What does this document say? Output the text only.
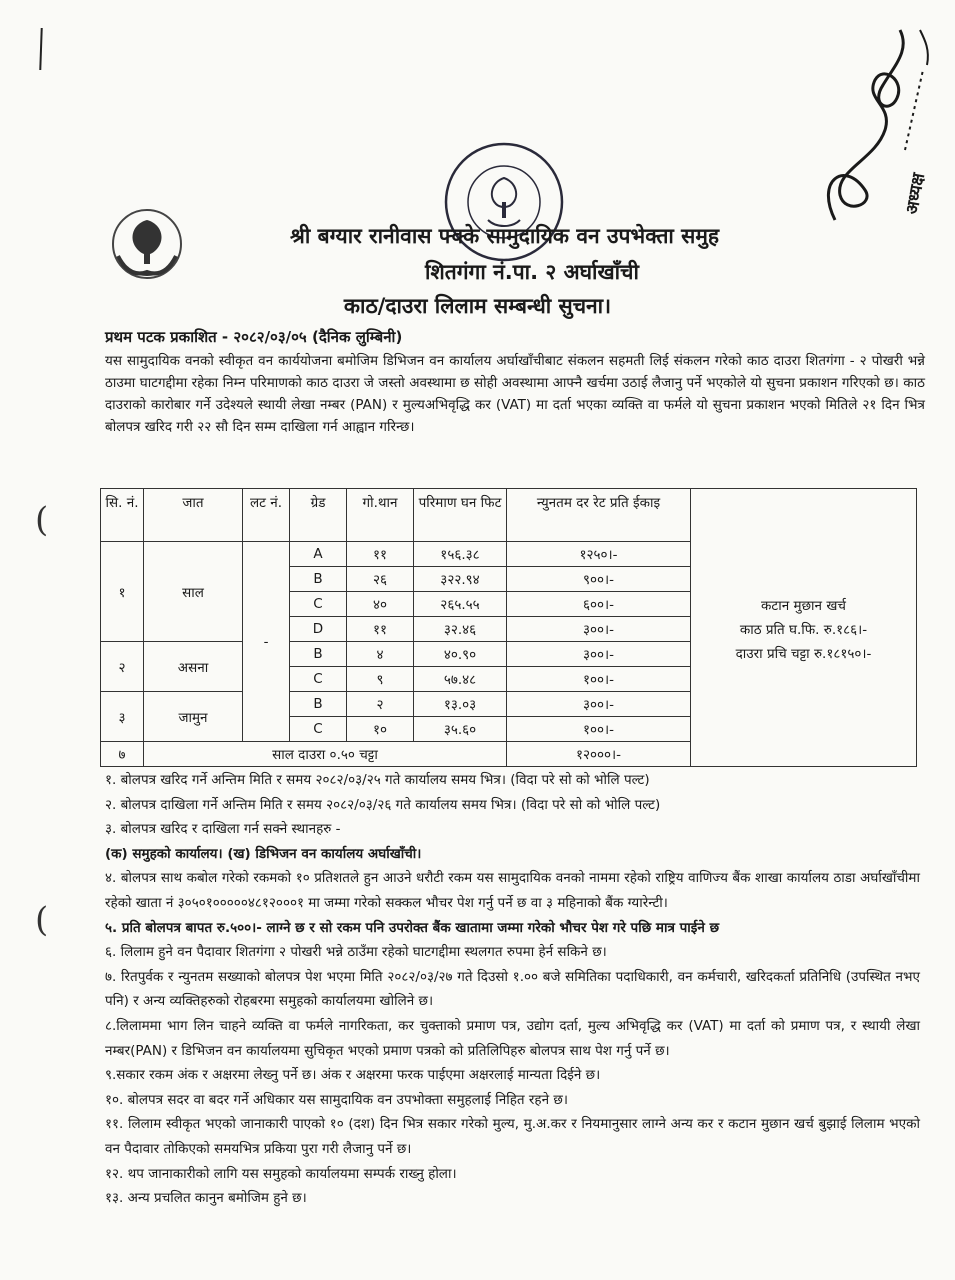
(
(
अध्यक्ष
श्री बग्यार रानीवास फ्क्के सामुदायिक वन उपभेक्ता समुह
शितगंगा नं.पा. २ अर्घाखाँची
काठ/दाउरा लिलाम सम्बन्धी सुचना।
प्रथम पटक प्रकाशित - २०८२/०३/०५ (दैनिक लुम्बिनी)
यस सामुदायिक वनको स्वीकृत वन कार्ययोजना बमोजिम डिभिजन वन कार्यालय अर्घाखाँचीबाट संकलन सहमती लिई संकलन गरेको काठ दाउरा शितगंगा - २ पोखरी भन्ने ठाउमा घाटगद्दीमा रहेका निम्न परिमाणको काठ दाउरा जे जस्तो अवस्थामा छ सोही अवस्थामा आफ्नै खर्चमा उठाई लैजानु पर्ने भएकोले यो सुचना प्रकाशन गरिएको छ। काठ दाउराको कारोबार गर्ने उदेश्यले स्थायी लेखा नम्बर (PAN) र मुल्यअभिवृद्धि कर (VAT) मा दर्ता भएका व्यक्ति वा फर्मले यो सुचना प्रकाशन भएको मितिले २१ दिन भित्र बोलपत्र खरिद गरी २२ सौ दिन सम्म दाखिला गर्न आह्वान गरिन्छ।
सि. नं.	जात	लट नं.	ग्रेड	गो.थान	परिमाण घन फिट	न्युनतम दर रेट प्रति ईकाइ	कटान मुछान खर्च
काठ प्रति घ.फि. रु.१८६।-
दाउरा प्रचि चट्टा रु.१८१५०।-

१	साल	-	A	११	१५६.३८	१२५०।-	
			B	२६	३२२.९४	९००।-	
			C	४०	२६५.५५	६००।-	
			D	११	३२.४६	३००।-	
२	असना		B	४	४०.९०	३००।-	
			C	९	५७.४८	१००।-	
३	जामुन		B	२	१३.०३	३००।-	
			C	१०	३५.६०	१००।-	
७	साल दाउरा ०.५० चट्टा					१२०००।-	
१. बोलपत्र खरिद गर्ने अन्तिम मिति र समय २०८२/०३/२५ गते कार्यालय समय भित्र। (विदा परे सो को भोलि पल्ट)
२. बोलपत्र दाखिला गर्ने अन्तिम मिति र समय २०८२/०३/२६ गते कार्यालय समय भित्र। (विदा परे सो को भोलि पल्ट)
३. बोलपत्र खरिद र दाखिला गर्न सक्ने स्थानहरु -
(क) समुहको कार्यालय। (ख) डिभिजन वन कार्यालय अर्घाखाँची।
४. बोलपत्र साथ कबोल गरेको रकमको १० प्रतिशतले हुन आउने धरौटी रकम यस सामुदायिक वनको नाममा रहेको राष्ट्रिय वाणिज्य बैंक शाखा कार्यालय ठाडा अर्घाखाँचीमा रहेको खाता नं ३०५०१०००००४८१२०००१ मा जम्मा गरेको सक्कल भौचर पेश गर्नु पर्ने छ वा ३ महिनाको बैंक ग्यारेन्टी।
५. प्रति बोलपत्र बापत रु.५००।- लाग्ने छ र सो रकम पनि उपरोक्त बैंक खातामा जम्मा गरेको भौचर पेश गरे पछि मात्र पाईने छ
६. लिलाम हुने वन पैदावार शितगंगा २ पोखरी भन्ने ठाउँमा रहेको घाटगद्दीमा स्थलगत रुपमा हेर्न सकिने छ।
७. रितपुर्वक र न्युनतम सख्याको बोलपत्र पेश भएमा मिति २०८२/०३/२७ गते दिउसो १.०० बजे समितिका पदाधिकारी, वन कर्मचारी, खरिदकर्ता प्रतिनिधि (उपस्थित नभए पनि) र अन्य व्यक्तिहरुको रोहबरमा समुहको कार्यालयमा खोलिने छ।
८.लिलाममा भाग लिन चाहने व्यक्ति वा फर्मले नागरिकता, कर चुक्ताको प्रमाण पत्र, उद्योग दर्ता, मुल्य अभिवृद्धि कर (VAT) मा दर्ता को प्रमाण पत्र, र स्थायी लेखा नम्बर(PAN) र डिभिजन वन कार्यालयमा सुचिकृत भएको प्रमाण पत्रको को प्रतिलिपिहरु बोलपत्र साथ पेश गर्नु पर्ने छ।
९.सकार रकम अंक र अक्षरमा लेख्नु पर्ने छ। अंक र अक्षरमा फरक पाईएमा अक्षरलाई मान्यता दिईने छ।
१०. बोलपत्र सदर वा बदर गर्ने अधिकार यस सामुदायिक वन उपभोक्ता समुहलाई निहित रहने छ।
११. लिलाम स्वीकृत भएको जानाकारी पाएको १० (दश) दिन भित्र सकार गरेको मुल्य, मु.अ.कर र नियमानुसार लाग्ने अन्य कर र कटान मुछान खर्च बुझाई लिलाम भएको वन पैदावार तोकिएको समयभित्र प्रकिया पुरा गरी लैजानु पर्ने छ।
१२. थप जानाकारीको लागि यस समुहको कार्यालयमा सम्पर्क राख्नु होला।
१३. अन्य प्रचलित कानुन बमोजिम हुने छ।
